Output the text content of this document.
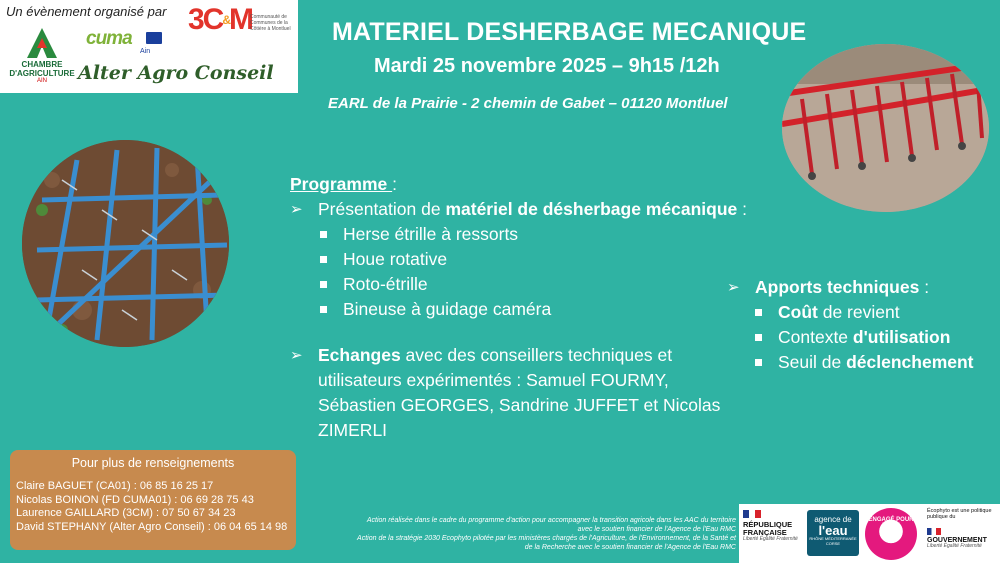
Un évènement organisé par
CHAMBRE
D'AGRICULTURE
AIN
cuma
Ain
Alter Agro Conseil
3C&M
Communauté de Communes de la Côtière à Montluel MATERIEL DESHERBAGE MECANIQUE
Mardi 25 novembre 2025 – 9h15 /12h
EARL de la Prairie - 2 chemin de Gabet – 01120 Montluel
Programme :
➢ Présentation de matériel de désherbage mécanique :
Herse étrille à ressorts
Houe rotative
Roto-étrille
Bineuse à guidage caméra
➢ Echanges avec des conseillers techniques et utilisateurs expérimentés : Samuel FOURMY, Sébastien GEORGES, Sandrine JUFFET et Nicolas ZIMERLI
➢ Apports techniques :
Coût de revient
Contexte d'utilisation
Seuil de déclenchement
Pour plus de renseignements
Claire BAGUET (CA01) : 06 85 16 25 17
Nicolas BOINON (FD CUMA01) : 06 69 28 75 43
Laurence GAILLARD (3CM) : 07 50 67 34 23
David STEPHANY (Alter Agro Conseil) : 06 04 65 14 98	Action réalisée dans le cadre du programme d'action pour accompagner la transition agricole dans les AAC du territoire
avec le soutien financier de l'Agence de l'Eau RMC
Action de la stratégie 2030 Ecophyto pilotée par les ministères chargés de l'Agriculture, de l'Environnement, de la Santé et
de la Recherche avec le soutien financier de l'Agence de l'Eau RMC
RÉPUBLIQUE
FRANÇAISE
Liberté Égalité Fraternité
agence de
l'eau
RHÔNE MÉDITERRANÉE CORSE
ENGAGÉ POUR L'EAU
Écophyto est une politique publique du
GOUVERNEMENT
Liberté Égalité Fraternité
